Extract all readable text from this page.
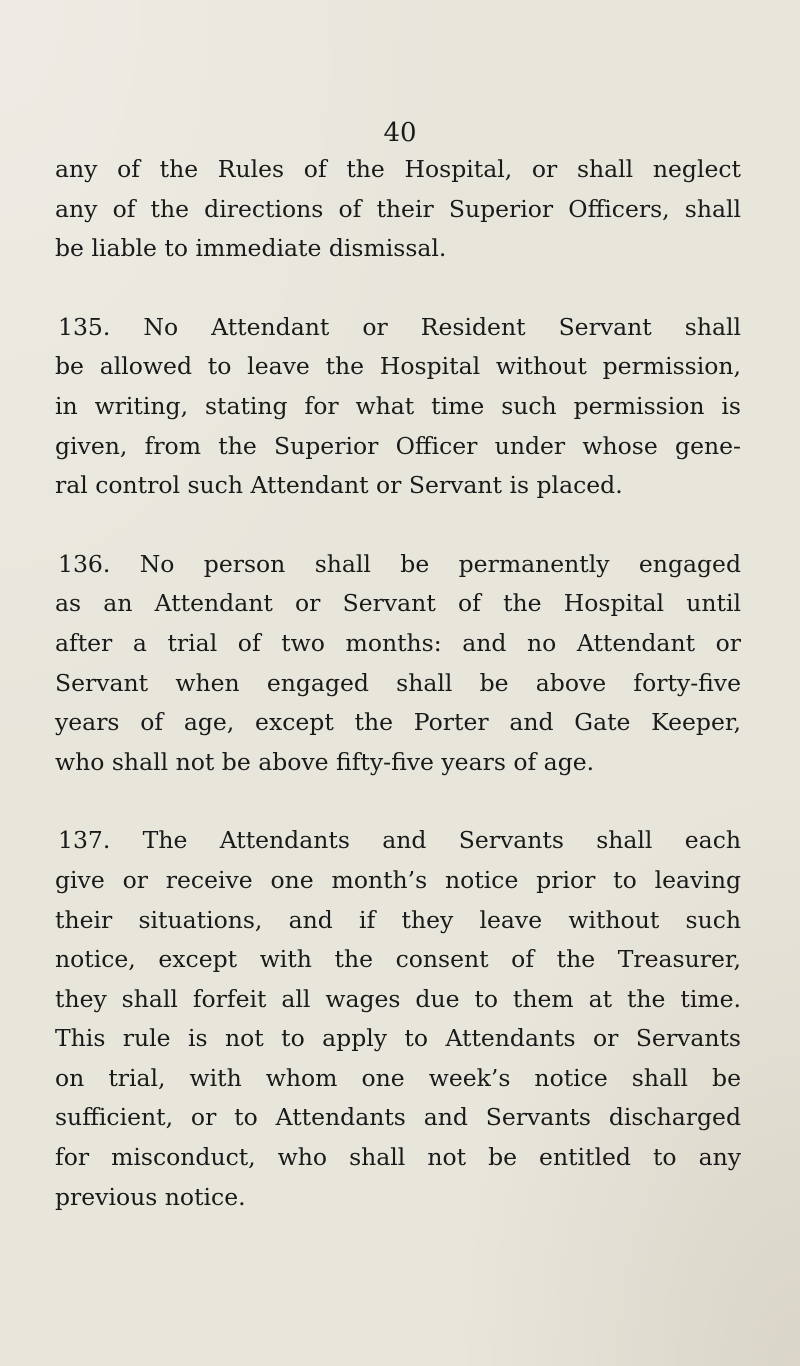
40

any of the Rules of the Hospital, or shall neglect
any of the directions of their Superior Officers, shall
be liable to immediate dismissal.

135. No Attendant or Resident Servant shall
be allowed to leave the Hospital without permission,
in writing, stating for what time such permission is
given, from the Superior Officer under whose gene-
ral control such Attendant or Servant is placed.

136. No person shall be permanently engaged
as an Attendant or Servant of the Hospital until
after a trial of two months: and no Attendant or
Servant when engaged shall be above forty-five
years of age, except the Porter and Gate Keeper,
who shall not be above fifty-five years of age.

137. The Attendants and Servants shall each
give or receive one month’s notice prior to leaving
their situations, and if they leave without such
notice, except with the consent of the Treasurer,
they shall forfeit all wages due to them at the time.
This rule is not to apply to Attendants or Servants
on trial, with whom one week’s notice shall be
sufficient, or to Attendants and Servants discharged
for misconduct, who shall not be entitled to any
previous notice.
